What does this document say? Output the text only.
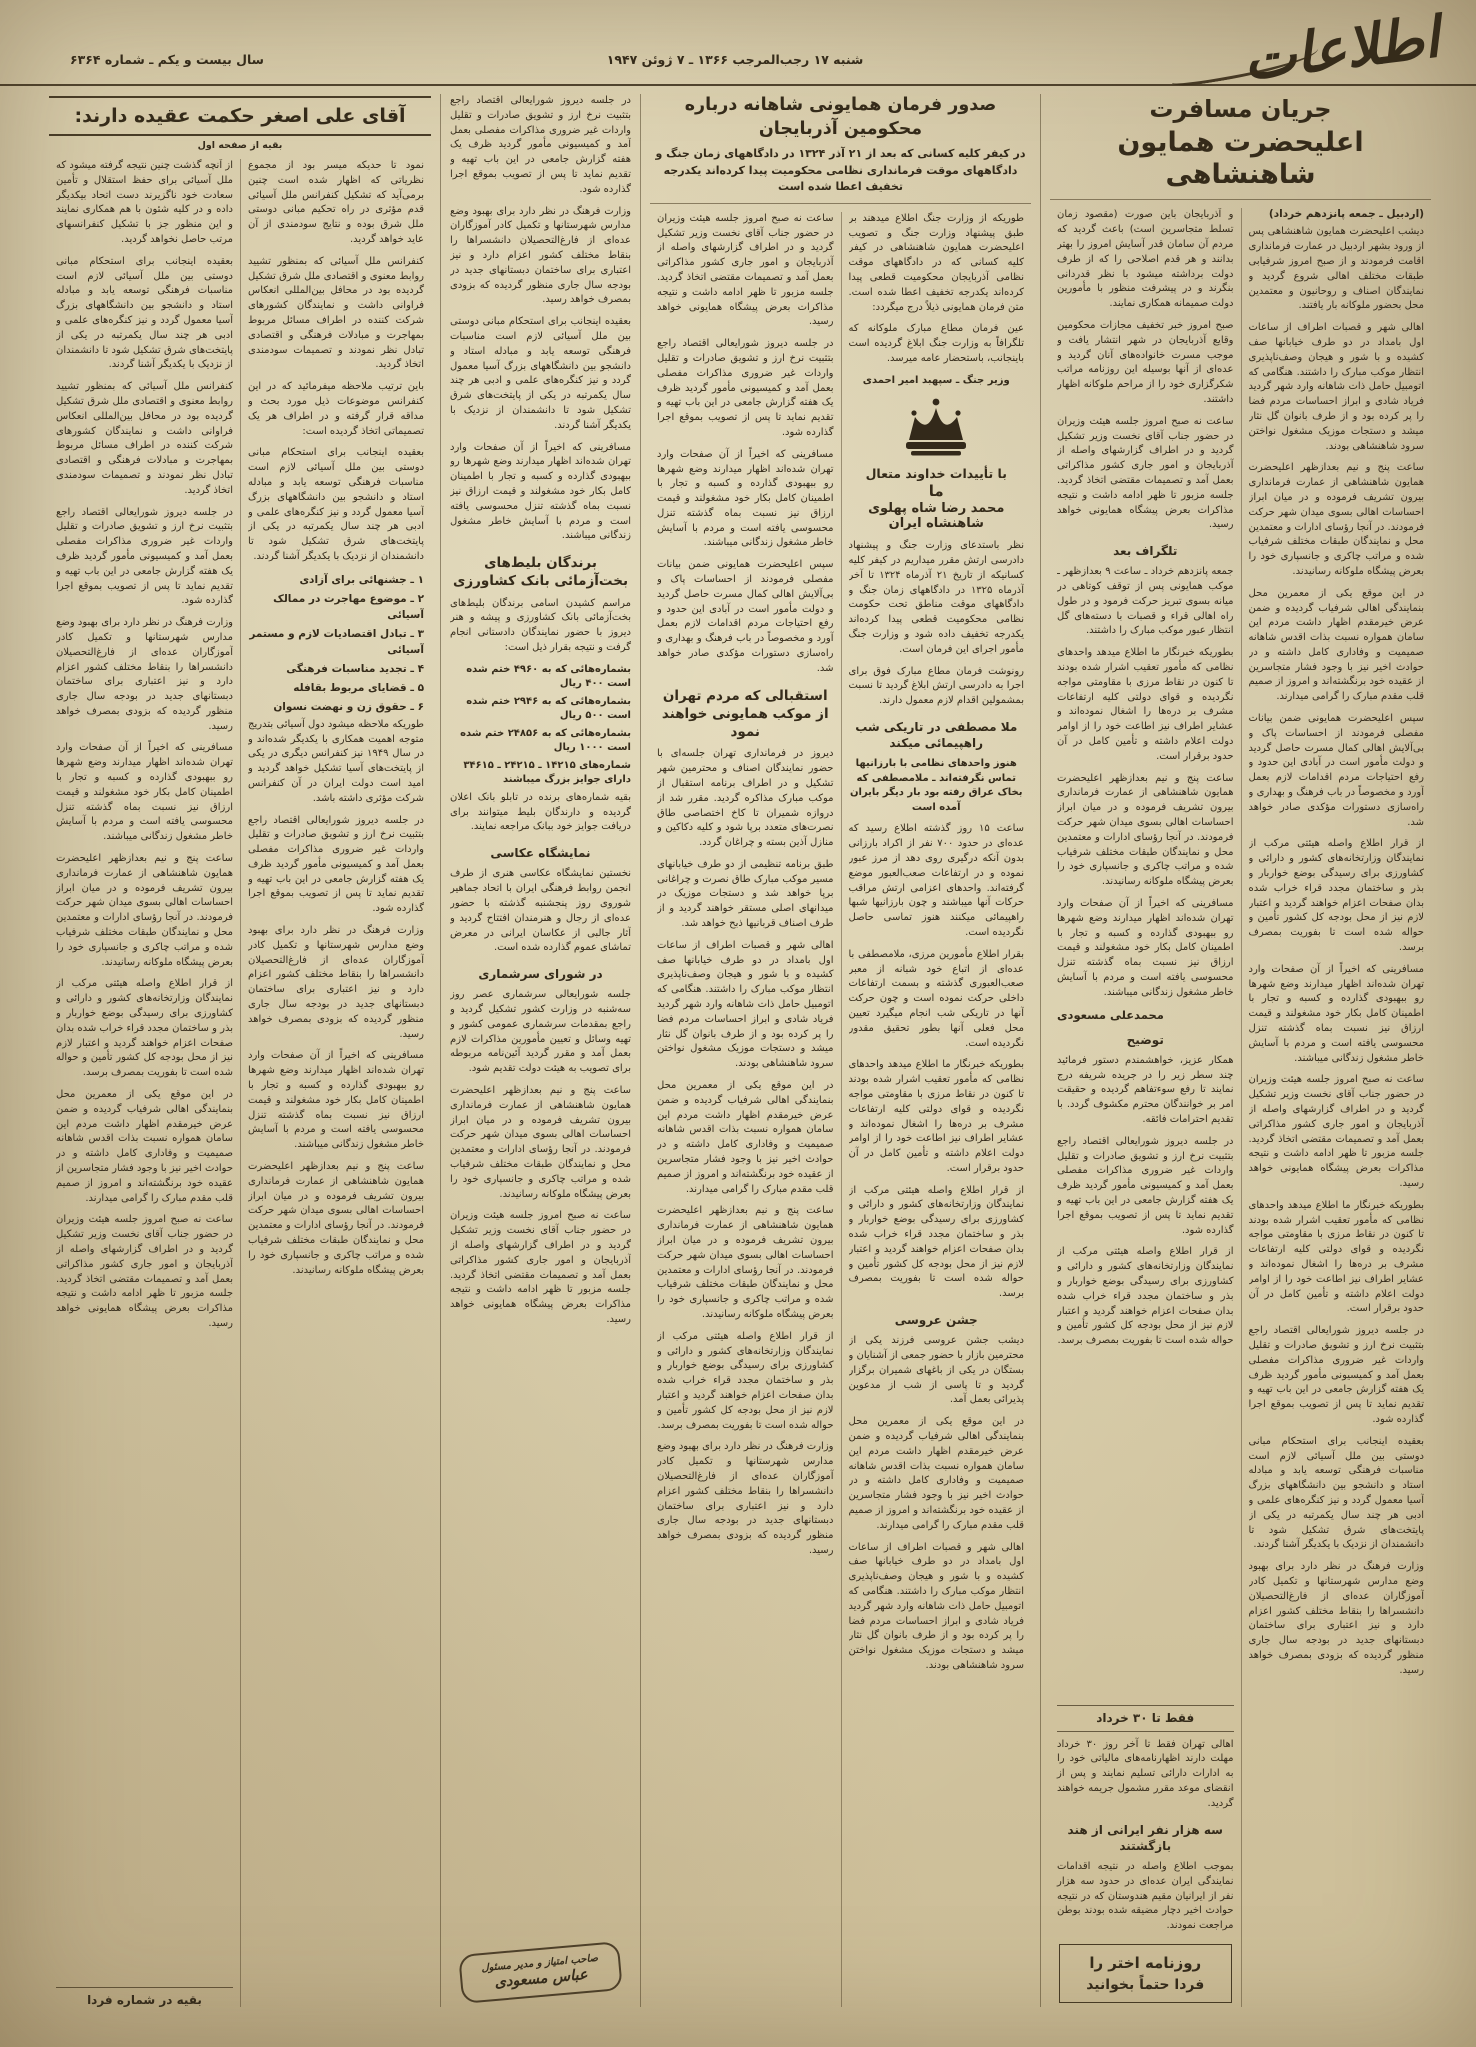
اطلاعات
شنبه ۱۷ رجب‌المرجب ۱۳۶۶ ـ ۷ ژوئن ۱۹۴۷
سال بیست و یکم ـ شماره ۶۳۶۴
جریان مسافرت
اعلیحضرت همایون شاهنشاهی
(اردبیل ـ جمعه پانزدهم خرداد)

دیشب اعلیحضرت همایون شاهنشاهی پس از ورود بشهر اردبیل در عمارت فرمانداری اقامت فرمودند و از صبح امروز شرفیابی طبقات مختلف اهالی شروع گردید و نمایندگان اصناف و روحانیون و معتمدین محل بحضور ملوکانه بار یافتند.

اهالی شهر و قصبات اطراف از ساعات اول بامداد در دو طرف خیابانها صف کشیده و با شور و هیجان وصف‌ناپذیری انتظار موکب مبارک را داشتند. هنگامی که اتومبیل حامل ذات شاهانه وارد شهر گردید فریاد شادی و ابراز احساسات مردم فضا را پر کرده بود و از طرف بانوان گل نثار میشد و دستجات موزیک مشغول نواختن سرود شاهنشاهی بودند.

ساعت پنج و نیم بعدازظهر اعلیحضرت همایون شاهنشاهی از عمارت فرمانداری بیرون تشریف فرموده و در میان ابراز احساسات اهالی بسوی میدان شهر حرکت فرمودند. در آنجا رؤسای ادارات و معتمدین محل و نمایندگان طبقات مختلف شرفیاب شده و مراتب چاکری و جانسپاری خود را بعرض پیشگاه ملوکانه رسانیدند.

در این موقع یکی از معمرین محل بنمایندگی اهالی شرفیاب گردیده و ضمن عرض خیرمقدم اظهار داشت مردم این سامان همواره نسبت بذات اقدس شاهانه صمیمیت و وفاداری کامل داشته و در حوادث اخیر نیز با وجود فشار متجاسرین از عقیده خود برنگشته‌اند و امروز از صمیم قلب مقدم مبارک را گرامی میدارند.

سپس اعلیحضرت همایونی ضمن بیانات مفصلی فرمودند از احساسات پاک و بی‌آلایش اهالی کمال مسرت حاصل گردید و دولت مأمور است در آبادی این حدود و رفع احتیاجات مردم اقدامات لازم بعمل آورد و مخصوصاً در باب فرهنگ و بهداری و راه‌سازی دستورات مؤکدی صادر خواهد شد.

از قرار اطلاع واصله هیئتی مرکب از نمایندگان وزارتخانه‌های کشور و دارائی و کشاورزی برای رسیدگی بوضع خواربار و بذر و ساختمان مجدد قراء خراب شده بدان صفحات اعزام خواهند گردید و اعتبار لازم نیز از محل بودجه کل کشور تأمین و حواله شده است تا بفوریت بمصرف برسد.

مسافرینی که اخیراً از آن صفحات وارد تهران شده‌اند اظهار میدارند وضع شهرها رو ببهبودی گذارده و کسبه و تجار با اطمینان کامل بکار خود مشغولند و قیمت ارزاق نیز نسبت بماه گذشته تنزل محسوسی یافته است و مردم با آسایش خاطر مشغول زندگانی میباشند.

ساعت نه صبح امروز جلسه هیئت وزیران در حضور جناب آقای نخست وزیر تشکیل گردید و در اطراف گزارشهای واصله از آذربایجان و امور جاری کشور مذاکراتی بعمل آمد و تصمیمات مقتضی اتخاذ گردید. جلسه مزبور تا ظهر ادامه داشت و نتیجه مذاکرات بعرض پیشگاه همایونی خواهد رسید.

بطوریکه خبرنگار ما اطلاع میدهد واحدهای نظامی که مأمور تعقیب اشرار شده بودند تا کنون در نقاط مرزی با مقاومتی مواجه نگردیده و قوای دولتی کلیه ارتفاعات مشرف بر دره‌ها را اشغال نموده‌اند و عشایر اطراف نیز اطاعت خود را از اوامر دولت اعلام داشته و تأمین کامل در آن حدود برقرار است.

در جلسه دیروز شورایعالی اقتصاد راجع بتثبیت نرخ ارز و تشویق صادرات و تقلیل واردات غیر ضروری مذاکرات مفصلی بعمل آمد و کمیسیونی مأمور گردید ظرف یک هفته گزارش جامعی در این باب تهیه و تقدیم نماید تا پس از تصویب بموقع اجرا گذارده شود.

بعقیده اینجانب برای استحکام مبانی دوستی بین ملل آسیائی لازم است مناسبات فرهنگی توسعه یابد و مبادله استاد و دانشجو بین دانشگاههای بزرگ آسیا معمول گردد و نیز کنگره‌های علمی و ادبی هر چند سال یکمرتبه در یکی از پایتخت‌های شرق تشکیل شود تا دانشمندان از نزدیک با یکدیگر آشنا گردند.

وزارت فرهنگ در نظر دارد برای بهبود وضع مدارس شهرستانها و تکمیل کادر آموزگاران عده‌ای از فارغ‌التحصیلان دانشسراها را بنقاط مختلف کشور اعزام دارد و نیز اعتباری برای ساختمان دبستانهای جدید در بودجه سال جاری منظور گردیده که بزودی بمصرف خواهد رسید.

و آذربایجان باین صورت (مقصود زمان تسلط متجاسرین است) باعث گردید که مردم آن سامان قدر آسایش امروز را بهتر بدانند و هر قدم اصلاحی را که از طرف دولت برداشته میشود با نظر قدردانی بنگرند و در پیشرفت منظور با مأمورین دولت صمیمانه همکاری نمایند.

صبح امروز خبر تخفیف مجازات محکومین وقایع آذربایجان در شهر انتشار یافت و موجب مسرت خانواده‌های آنان گردید و عده‌ای از آنها بوسیله این روزنامه مراتب شکرگزاری خود را از مراحم ملوکانه اظهار داشتند.

ساعت نه صبح امروز جلسه هیئت وزیران در حضور جناب آقای نخست وزیر تشکیل گردید و در اطراف گزارشهای واصله از آذربایجان و امور جاری کشور مذاکراتی بعمل آمد و تصمیمات مقتضی اتخاذ گردید. جلسه مزبور تا ظهر ادامه داشت و نتیجه مذاکرات بعرض پیشگاه همایونی خواهد رسید.

تلگراف بعد

جمعه پانزدهم خرداد ـ ساعت ۹ بعدازظهر ـ موکب همایونی پس از توقف کوتاهی در میانه بسوی تبریز حرکت فرمود و در طول راه اهالی قراء و قصبات با دسته‌های گل انتظار عبور موکب مبارک را داشتند.

بطوریکه خبرنگار ما اطلاع میدهد واحدهای نظامی که مأمور تعقیب اشرار شده بودند تا کنون در نقاط مرزی با مقاومتی مواجه نگردیده و قوای دولتی کلیه ارتفاعات مشرف بر دره‌ها را اشغال نموده‌اند و عشایر اطراف نیز اطاعت خود را از اوامر دولت اعلام داشته و تأمین کامل در آن حدود برقرار است.

ساعت پنج و نیم بعدازظهر اعلیحضرت همایون شاهنشاهی از عمارت فرمانداری بیرون تشریف فرموده و در میان ابراز احساسات اهالی بسوی میدان شهر حرکت فرمودند. در آنجا رؤسای ادارات و معتمدین محل و نمایندگان طبقات مختلف شرفیاب شده و مراتب چاکری و جانسپاری خود را بعرض پیشگاه ملوکانه رسانیدند.

مسافرینی که اخیراً از آن صفحات وارد تهران شده‌اند اظهار میدارند وضع شهرها رو ببهبودی گذارده و کسبه و تجار با اطمینان کامل بکار خود مشغولند و قیمت ارزاق نیز نسبت بماه گذشته تنزل محسوسی یافته است و مردم با آسایش خاطر مشغول زندگانی میباشند.

محمدعلی مسعودی
توضیح

همکار عزیز، خواهشمندم دستور فرمائید چند سطر زیر را در جریده شریفه درج نمایند تا رفع سوءتفاهم گردیده و حقیقت امر بر خوانندگان محترم مکشوف گردد. با تقدیم احترامات فائقه.

در جلسه دیروز شورایعالی اقتصاد راجع بتثبیت نرخ ارز و تشویق صادرات و تقلیل واردات غیر ضروری مذاکرات مفصلی بعمل آمد و کمیسیونی مأمور گردید ظرف یک هفته گزارش جامعی در این باب تهیه و تقدیم نماید تا پس از تصویب بموقع اجرا گذارده شود.

از قرار اطلاع واصله هیئتی مرکب از نمایندگان وزارتخانه‌های کشور و دارائی و کشاورزی برای رسیدگی بوضع خواربار و بذر و ساختمان مجدد قراء خراب شده بدان صفحات اعزام خواهند گردید و اعتبار لازم نیز از محل بودجه کل کشور تأمین و حواله شده است تا بفوریت بمصرف برسد.

فقط تا ۳۰ خرداد

اهالی تهران فقط تا آخر روز ۳۰ خرداد مهلت دارند اظهارنامه‌های مالیاتی خود را به ادارات دارائی تسلیم نمایند و پس از انقضای موعد مقرر مشمول جریمه خواهند گردید.

سه هزار نفر ایرانی از هند بازگشتند

بموجب اطلاع واصله در نتیجه اقدامات نمایندگی ایران عده‌ای در حدود سه هزار نفر از ایرانیان مقیم هندوستان که در نتیجه حوادث اخیر دچار مضیقه شده بودند بوطن مراجعت نمودند.

روزنامه اختر را
فردا حتماً بخوانید
صدور فرمان همایونی شاهانه درباره محکومین آذربایجان
در کیفر کلیه کسانی که بعد از ۲۱ آذر ۱۳۲۴ در دادگاههای زمان جنگ و دادگاههای موقت فرمانداری نظامی محکومیت پیدا کرده‌اند یکدرجه تخفیف اعطا شده است

طوریکه از وزارت جنگ اطلاع میدهند بر طبق پیشنهاد وزارت جنگ و تصویب اعلیحضرت همایون شاهنشاهی در کیفر کلیه کسانی که در دادگاههای موقت نظامی آذربایجان محکومیت قطعی پیدا کرده‌اند یکدرجه تخفیف اعطا شده است. متن فرمان همایونی ذیلاً درج میگردد:

عین فرمان مطاع مبارک ملوکانه که تلگرافاً به وزارت جنگ ابلاغ گردیده است باینجانب، باستحضار عامه میرسد.

وزیر جنگ ـ سپهبد امیر احمدی
با تأییدات خداوند متعال
ما
محمد رضا شاه پهلوی شاهنشاه ایران

نظر باستدعای وزارت جنگ و پیشنهاد دادرسی ارتش مقرر میداریم در کیفر کلیه کسانیکه از تاریخ ۲۱ آذرماه ۱۳۲۴ تا آخر آذرماه ۱۳۲۵ در دادگاههای زمان جنگ و دادگاههای موقت مناطق تحت حکومت نظامی محکومیت قطعی پیدا کرده‌اند یکدرجه تخفیف داده شود و وزارت جنگ مأمور اجرای این فرمان است.

رونوشت فرمان مطاع مبارک فوق برای اجرا به دادرسی ارتش ابلاغ گردید تا نسبت بمشمولین اقدام لازم معمول دارند.

ملا مصطفی در تاریکی شب راهپیمائی میکند
هنوز واحدهای نظامی با بارزانیها تماس نگرفته‌اند ـ ملامصطفی که بخاک عراق رفته بود بار دیگر بایران آمده است

ساعت ۱۵ روز گذشته اطلاع رسید که عده‌ای در حدود ۷۰۰ نفر از اکراد بارزانی بدون آنکه درگیری روی دهد از مرز عبور نموده و در ارتفاعات صعب‌العبور موضع گرفته‌اند. واحدهای اعزامی ارتش مراقب حرکات آنها میباشند و چون بارزانیها شبها راهپیمائی میکنند هنوز تماسی حاصل نگردیده است.

بقرار اطلاع مأمورین مرزی، ملامصطفی با عده‌ای از اتباع خود شبانه از معبر صعب‌العبوری گذشته و بسمت ارتفاعات داخلی حرکت نموده است و چون حرکت آنها در تاریکی شب انجام میگیرد تعیین محل فعلی آنها بطور تحقیق مقدور نگردیده است.

بطوریکه خبرنگار ما اطلاع میدهد واحدهای نظامی که مأمور تعقیب اشرار شده بودند تا کنون در نقاط مرزی با مقاومتی مواجه نگردیده و قوای دولتی کلیه ارتفاعات مشرف بر دره‌ها را اشغال نموده‌اند و عشایر اطراف نیز اطاعت خود را از اوامر دولت اعلام داشته و تأمین کامل در آن حدود برقرار است.

از قرار اطلاع واصله هیئتی مرکب از نمایندگان وزارتخانه‌های کشور و دارائی و کشاورزی برای رسیدگی بوضع خواربار و بذر و ساختمان مجدد قراء خراب شده بدان صفحات اعزام خواهند گردید و اعتبار لازم نیز از محل بودجه کل کشور تأمین و حواله شده است تا بفوریت بمصرف برسد.

جشن عروسی

دیشب جشن عروسی فرزند یکی از محترمین بازار با حضور جمعی از آشنایان و بستگان در یکی از باغهای شمیران برگزار گردید و تا پاسی از شب از مدعوین پذیرائی بعمل آمد.

در این موقع یکی از معمرین محل بنمایندگی اهالی شرفیاب گردیده و ضمن عرض خیرمقدم اظهار داشت مردم این سامان همواره نسبت بذات اقدس شاهانه صمیمیت و وفاداری کامل داشته و در حوادث اخیر نیز با وجود فشار متجاسرین از عقیده خود برنگشته‌اند و امروز از صمیم قلب مقدم مبارک را گرامی میدارند.

اهالی شهر و قصبات اطراف از ساعات اول بامداد در دو طرف خیابانها صف کشیده و با شور و هیجان وصف‌ناپذیری انتظار موکب مبارک را داشتند. هنگامی که اتومبیل حامل ذات شاهانه وارد شهر گردید فریاد شادی و ابراز احساسات مردم فضا را پر کرده بود و از طرف بانوان گل نثار میشد و دستجات موزیک مشغول نواختن سرود شاهنشاهی بودند.

ساعت نه صبح امروز جلسه هیئت وزیران در حضور جناب آقای نخست وزیر تشکیل گردید و در اطراف گزارشهای واصله از آذربایجان و امور جاری کشور مذاکراتی بعمل آمد و تصمیمات مقتضی اتخاذ گردید. جلسه مزبور تا ظهر ادامه داشت و نتیجه مذاکرات بعرض پیشگاه همایونی خواهد رسید.

در جلسه دیروز شورایعالی اقتصاد راجع بتثبیت نرخ ارز و تشویق صادرات و تقلیل واردات غیر ضروری مذاکرات مفصلی بعمل آمد و کمیسیونی مأمور گردید ظرف یک هفته گزارش جامعی در این باب تهیه و تقدیم نماید تا پس از تصویب بموقع اجرا گذارده شود.

مسافرینی که اخیراً از آن صفحات وارد تهران شده‌اند اظهار میدارند وضع شهرها رو ببهبودی گذارده و کسبه و تجار با اطمینان کامل بکار خود مشغولند و قیمت ارزاق نیز نسبت بماه گذشته تنزل محسوسی یافته است و مردم با آسایش خاطر مشغول زندگانی میباشند.

سپس اعلیحضرت همایونی ضمن بیانات مفصلی فرمودند از احساسات پاک و بی‌آلایش اهالی کمال مسرت حاصل گردید و دولت مأمور است در آبادی این حدود و رفع احتیاجات مردم اقدامات لازم بعمل آورد و مخصوصاً در باب فرهنگ و بهداری و راه‌سازی دستورات مؤکدی صادر خواهد شد.

استقبالی که مردم تهران از موکب همایونی خواهند نمود

دیروز در فرمانداری تهران جلسه‌ای با حضور نمایندگان اصناف و محترمین شهر تشکیل و در اطراف برنامه استقبال از موکب مبارک مذاکره گردید. مقرر شد از دروازه شمیران تا کاخ اختصاصی طاق نصرت‌های متعدد برپا شود و کلیه دکاکین و منازل آذین بسته و چراغان گردد.

طبق برنامه تنظیمی از دو طرف خیابانهای مسیر موکب مبارک طاق نصرت و چراغانی برپا خواهد شد و دستجات موزیک در میدانهای اصلی مستقر خواهند گردید و از طرف اصناف قربانیها ذبح خواهد شد.

اهالی شهر و قصبات اطراف از ساعات اول بامداد در دو طرف خیابانها صف کشیده و با شور و هیجان وصف‌ناپذیری انتظار موکب مبارک را داشتند. هنگامی که اتومبیل حامل ذات شاهانه وارد شهر گردید فریاد شادی و ابراز احساسات مردم فضا را پر کرده بود و از طرف بانوان گل نثار میشد و دستجات موزیک مشغول نواختن سرود شاهنشاهی بودند.

در این موقع یکی از معمرین محل بنمایندگی اهالی شرفیاب گردیده و ضمن عرض خیرمقدم اظهار داشت مردم این سامان همواره نسبت بذات اقدس شاهانه صمیمیت و وفاداری کامل داشته و در حوادث اخیر نیز با وجود فشار متجاسرین از عقیده خود برنگشته‌اند و امروز از صمیم قلب مقدم مبارک را گرامی میدارند.

ساعت پنج و نیم بعدازظهر اعلیحضرت همایون شاهنشاهی از عمارت فرمانداری بیرون تشریف فرموده و در میان ابراز احساسات اهالی بسوی میدان شهر حرکت فرمودند. در آنجا رؤسای ادارات و معتمدین محل و نمایندگان طبقات مختلف شرفیاب شده و مراتب چاکری و جانسپاری خود را بعرض پیشگاه ملوکانه رسانیدند.

از قرار اطلاع واصله هیئتی مرکب از نمایندگان وزارتخانه‌های کشور و دارائی و کشاورزی برای رسیدگی بوضع خواربار و بذر و ساختمان مجدد قراء خراب شده بدان صفحات اعزام خواهند گردید و اعتبار لازم نیز از محل بودجه کل کشور تأمین و حواله شده است تا بفوریت بمصرف برسد.

وزارت فرهنگ در نظر دارد برای بهبود وضع مدارس شهرستانها و تکمیل کادر آموزگاران عده‌ای از فارغ‌التحصیلان دانشسراها را بنقاط مختلف کشور اعزام دارد و نیز اعتباری برای ساختمان دبستانهای جدید در بودجه سال جاری منظور گردیده که بزودی بمصرف خواهد رسید.

در جلسه دیروز شورایعالی اقتصاد راجع بتثبیت نرخ ارز و تشویق صادرات و تقلیل واردات غیر ضروری مذاکرات مفصلی بعمل آمد و کمیسیونی مأمور گردید ظرف یک هفته گزارش جامعی در این باب تهیه و تقدیم نماید تا پس از تصویب بموقع اجرا گذارده شود.

وزارت فرهنگ در نظر دارد برای بهبود وضع مدارس شهرستانها و تکمیل کادر آموزگاران عده‌ای از فارغ‌التحصیلان دانشسراها را بنقاط مختلف کشور اعزام دارد و نیز اعتباری برای ساختمان دبستانهای جدید در بودجه سال جاری منظور گردیده که بزودی بمصرف خواهد رسید.

بعقیده اینجانب برای استحکام مبانی دوستی بین ملل آسیائی لازم است مناسبات فرهنگی توسعه یابد و مبادله استاد و دانشجو بین دانشگاههای بزرگ آسیا معمول گردد و نیز کنگره‌های علمی و ادبی هر چند سال یکمرتبه در یکی از پایتخت‌های شرق تشکیل شود تا دانشمندان از نزدیک با یکدیگر آشنا گردند.

مسافرینی که اخیراً از آن صفحات وارد تهران شده‌اند اظهار میدارند وضع شهرها رو ببهبودی گذارده و کسبه و تجار با اطمینان کامل بکار خود مشغولند و قیمت ارزاق نیز نسبت بماه گذشته تنزل محسوسی یافته است و مردم با آسایش خاطر مشغول زندگانی میباشند.

برندگان بلیط‌های بخت‌آزمائی بانک کشاورزی

مراسم کشیدن اسامی برندگان بلیط‌های بخت‌آزمائی بانک کشاورزی و پیشه و هنر دیروز با حضور نمایندگان دادستانی انجام گرفت و نتیجه بقرار ذیل است:

بشماره‌هائی که به ۴۹۶۰ ختم شده است ۴۰۰ ریال
بشماره‌هائی که به ۲۹۴۶ ختم شده است ۵۰۰ ریال
بشماره‌هائی که به ۲۴۸۵۶ ختم شده است ۱۰۰۰ ریال
شماره‌های ۱۴۲۱۵ ـ ۲۴۲۱۵ ـ ۳۴۶۱۵ دارای جوایز بزرگ میباشند

بقیه شماره‌های برنده در تابلو بانک اعلان گردیده و دارندگان بلیط میتوانند برای دریافت جوایز خود ببانک مراجعه نمایند.

نمایشگاه عکاسی

نخستین نمایشگاه عکاسی هنری از طرف انجمن روابط فرهنگی ایران با اتحاد جماهیر شوروی روز پنجشنبه گذشته با حضور عده‌ای از رجال و هنرمندان افتتاح گردید و آثار جالبی از عکاسان ایرانی در معرض تماشای عموم گذارده شده است.

در شورای سرشماری

جلسه شورایعالی سرشماری عصر روز سه‌شنبه در وزارت کشور تشکیل گردید و راجع بمقدمات سرشماری عمومی کشور و تهیه وسائل و تعیین مأمورین مذاکرات لازم بعمل آمد و مقرر گردید آئین‌نامه مربوطه برای تصویب به هیئت دولت تقدیم شود.

ساعت پنج و نیم بعدازظهر اعلیحضرت همایون شاهنشاهی از عمارت فرمانداری بیرون تشریف فرموده و در میان ابراز احساسات اهالی بسوی میدان شهر حرکت فرمودند. در آنجا رؤسای ادارات و معتمدین محل و نمایندگان طبقات مختلف شرفیاب شده و مراتب چاکری و جانسپاری خود را بعرض پیشگاه ملوکانه رسانیدند.

ساعت نه صبح امروز جلسه هیئت وزیران در حضور جناب آقای نخست وزیر تشکیل گردید و در اطراف گزارشهای واصله از آذربایجان و امور جاری کشور مذاکراتی بعمل آمد و تصمیمات مقتضی اتخاذ گردید. جلسه مزبور تا ظهر ادامه داشت و نتیجه مذاکرات بعرض پیشگاه همایونی خواهد رسید.

صاحب امتیاز و مدیر مسئول
عباس مسعودی
آقای علی اصغر حکمت عقیده دارند:
بقیه از صفحه اول

نمود تا حدیکه میسر بود از مجموع نظریاتی که اظهار شده است چنین برمی‌آید که تشکیل کنفرانس ملل آسیائی قدم مؤثری در راه تحکیم مبانی دوستی ملل شرق بوده و نتایج سودمندی از آن عاید خواهد گردید.

کنفرانس ملل آسیائی که بمنظور تشیید روابط معنوی و اقتصادی ملل شرق تشکیل گردیده بود در محافل بین‌المللی انعکاس فراوانی داشت و نمایندگان کشورهای شرکت کننده در اطراف مسائل مربوط بمهاجرت و مبادلات فرهنگی و اقتصادی تبادل نظر نمودند و تصمیمات سودمندی اتخاذ گردید.

باین ترتیب ملاحظه میفرمائید که در این کنفرانس موضوعات ذیل مورد بحث و مداقه قرار گرفته و در اطراف هر یک تصمیماتی اتخاذ گردیده است:

بعقیده اینجانب برای استحکام مبانی دوستی بین ملل آسیائی لازم است مناسبات فرهنگی توسعه یابد و مبادله استاد و دانشجو بین دانشگاههای بزرگ آسیا معمول گردد و نیز کنگره‌های علمی و ادبی هر چند سال یکمرتبه در یکی از پایتخت‌های شرق تشکیل شود تا دانشمندان از نزدیک با یکدیگر آشنا گردند.

۱ ـ جشنهائی برای آزادی
۲ ـ موضوع مهاجرت در ممالک آسیائی
۳ ـ تبادل اقتصادیات لازم و مستمر آسیائی
۴ ـ تجدید مناسبات فرهنگی
۵ ـ قضایای مربوط بقافله
۶ ـ حقوق زن و نهضت نسوان

طوریکه ملاحظه میشود دول آسیائی بتدریج متوجه اهمیت همکاری با یکدیگر شده‌اند و در سال ۱۹۴۹ نیز کنفرانس دیگری در یکی از پایتخت‌های آسیا تشکیل خواهد گردید و امید است دولت ایران در آن کنفرانس شرکت مؤثری داشته باشد.

در جلسه دیروز شورایعالی اقتصاد راجع بتثبیت نرخ ارز و تشویق صادرات و تقلیل واردات غیر ضروری مذاکرات مفصلی بعمل آمد و کمیسیونی مأمور گردید ظرف یک هفته گزارش جامعی در این باب تهیه و تقدیم نماید تا پس از تصویب بموقع اجرا گذارده شود.

وزارت فرهنگ در نظر دارد برای بهبود وضع مدارس شهرستانها و تکمیل کادر آموزگاران عده‌ای از فارغ‌التحصیلان دانشسراها را بنقاط مختلف کشور اعزام دارد و نیز اعتباری برای ساختمان دبستانهای جدید در بودجه سال جاری منظور گردیده که بزودی بمصرف خواهد رسید.

مسافرینی که اخیراً از آن صفحات وارد تهران شده‌اند اظهار میدارند وضع شهرها رو ببهبودی گذارده و کسبه و تجار با اطمینان کامل بکار خود مشغولند و قیمت ارزاق نیز نسبت بماه گذشته تنزل محسوسی یافته است و مردم با آسایش خاطر مشغول زندگانی میباشند.

ساعت پنج و نیم بعدازظهر اعلیحضرت همایون شاهنشاهی از عمارت فرمانداری بیرون تشریف فرموده و در میان ابراز احساسات اهالی بسوی میدان شهر حرکت فرمودند. در آنجا رؤسای ادارات و معتمدین محل و نمایندگان طبقات مختلف شرفیاب شده و مراتب چاکری و جانسپاری خود را بعرض پیشگاه ملوکانه رسانیدند.

از آنچه گذشت چنین نتیجه گرفته میشود که ملل آسیائی برای حفظ استقلال و تأمین سعادت خود ناگزیرند دست اتحاد بیکدیگر داده و در کلیه شئون با هم همکاری نمایند و این منظور جز با تشکیل کنفرانسهای مرتب حاصل نخواهد گردید.

بعقیده اینجانب برای استحکام مبانی دوستی بین ملل آسیائی لازم است مناسبات فرهنگی توسعه یابد و مبادله استاد و دانشجو بین دانشگاههای بزرگ آسیا معمول گردد و نیز کنگره‌های علمی و ادبی هر چند سال یکمرتبه در یکی از پایتخت‌های شرق تشکیل شود تا دانشمندان از نزدیک با یکدیگر آشنا گردند.

کنفرانس ملل آسیائی که بمنظور تشیید روابط معنوی و اقتصادی ملل شرق تشکیل گردیده بود در محافل بین‌المللی انعکاس فراوانی داشت و نمایندگان کشورهای شرکت کننده در اطراف مسائل مربوط بمهاجرت و مبادلات فرهنگی و اقتصادی تبادل نظر نمودند و تصمیمات سودمندی اتخاذ گردید.

در جلسه دیروز شورایعالی اقتصاد راجع بتثبیت نرخ ارز و تشویق صادرات و تقلیل واردات غیر ضروری مذاکرات مفصلی بعمل آمد و کمیسیونی مأمور گردید ظرف یک هفته گزارش جامعی در این باب تهیه و تقدیم نماید تا پس از تصویب بموقع اجرا گذارده شود.

وزارت فرهنگ در نظر دارد برای بهبود وضع مدارس شهرستانها و تکمیل کادر آموزگاران عده‌ای از فارغ‌التحصیلان دانشسراها را بنقاط مختلف کشور اعزام دارد و نیز اعتباری برای ساختمان دبستانهای جدید در بودجه سال جاری منظور گردیده که بزودی بمصرف خواهد رسید.

مسافرینی که اخیراً از آن صفحات وارد تهران شده‌اند اظهار میدارند وضع شهرها رو ببهبودی گذارده و کسبه و تجار با اطمینان کامل بکار خود مشغولند و قیمت ارزاق نیز نسبت بماه گذشته تنزل محسوسی یافته است و مردم با آسایش خاطر مشغول زندگانی میباشند.

ساعت پنج و نیم بعدازظهر اعلیحضرت همایون شاهنشاهی از عمارت فرمانداری بیرون تشریف فرموده و در میان ابراز احساسات اهالی بسوی میدان شهر حرکت فرمودند. در آنجا رؤسای ادارات و معتمدین محل و نمایندگان طبقات مختلف شرفیاب شده و مراتب چاکری و جانسپاری خود را بعرض پیشگاه ملوکانه رسانیدند.

از قرار اطلاع واصله هیئتی مرکب از نمایندگان وزارتخانه‌های کشور و دارائی و کشاورزی برای رسیدگی بوضع خواربار و بذر و ساختمان مجدد قراء خراب شده بدان صفحات اعزام خواهند گردید و اعتبار لازم نیز از محل بودجه کل کشور تأمین و حواله شده است تا بفوریت بمصرف برسد.

در این موقع یکی از معمرین محل بنمایندگی اهالی شرفیاب گردیده و ضمن عرض خیرمقدم اظهار داشت مردم این سامان همواره نسبت بذات اقدس شاهانه صمیمیت و وفاداری کامل داشته و در حوادث اخیر نیز با وجود فشار متجاسرین از عقیده خود برنگشته‌اند و امروز از صمیم قلب مقدم مبارک را گرامی میدارند.

ساعت نه صبح امروز جلسه هیئت وزیران در حضور جناب آقای نخست وزیر تشکیل گردید و در اطراف گزارشهای واصله از آذربایجان و امور جاری کشور مذاکراتی بعمل آمد و تصمیمات مقتضی اتخاذ گردید. جلسه مزبور تا ظهر ادامه داشت و نتیجه مذاکرات بعرض پیشگاه همایونی خواهد رسید.

بقیه در شماره فردا
